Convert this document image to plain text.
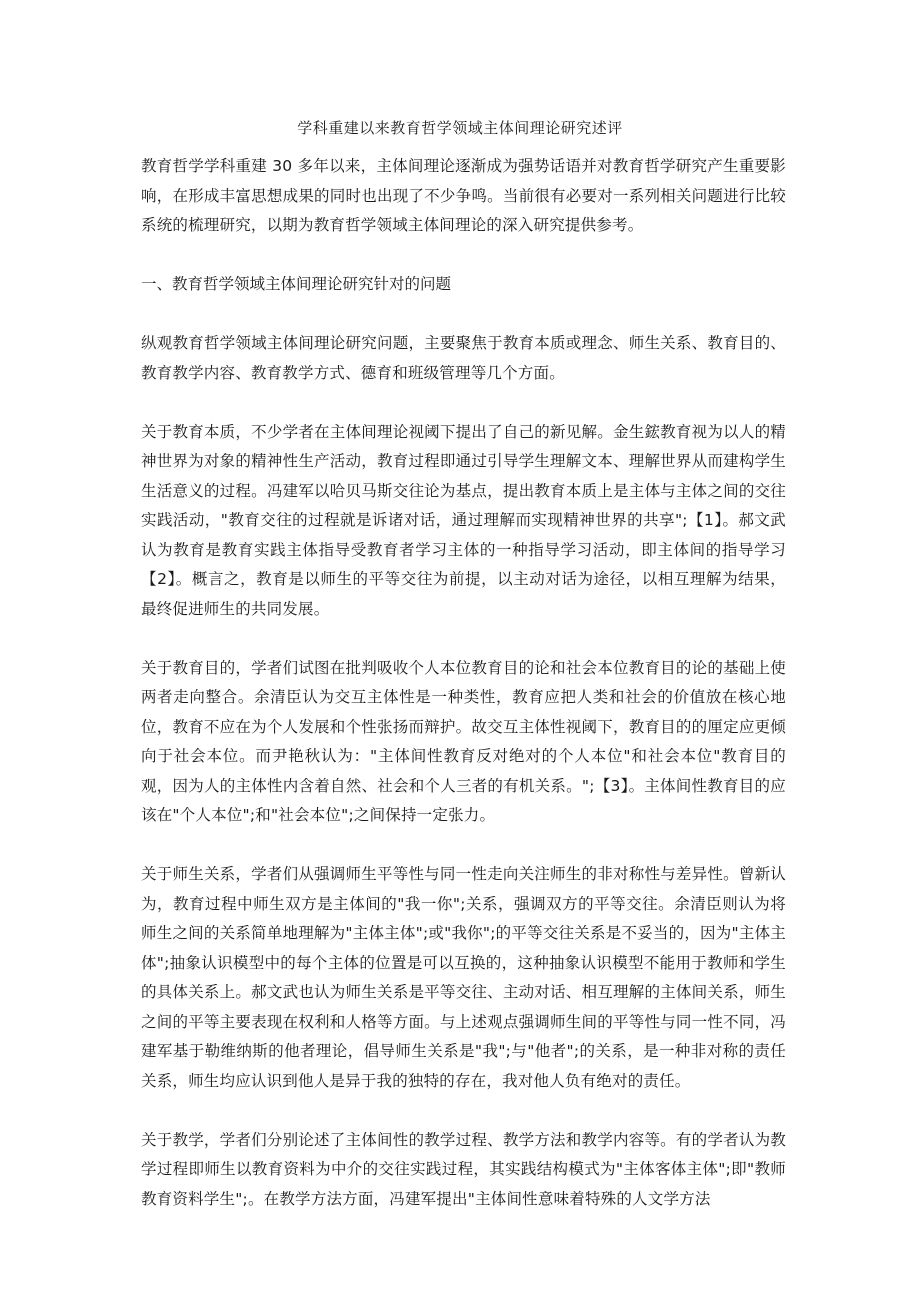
学科重建以来教育哲学领域主体间理论研究述评

教育哲学学科重建 30 多年以来，主体间理论逐渐成为强势话语并对教育哲学研究产生重要影响，在形成丰富思想成果的同时也出现了不少争鸣。当前很有必要对一系列相关问题进行比较系统的梳理研究，以期为教育哲学领域主体间理论的深入研究提供参考。

一、教育哲学领域主体间理论研究针对的问题

纵观教育哲学领域主体间理论研究问题，主要聚焦于教育本质或理念、师生关系、教育目的、教育教学内容、教育教学方式、德育和班级管理等几个方面。

关于教育本质，不少学者在主体间理论视阈下提出了自己的新见解。金生鋐教育视为以人的精神世界为对象的精神性生产活动，教育过程即通过引导学生理解文本、理解世界从而建构学生生活意义的过程。冯建军以哈贝马斯交往论为基点，提出教育本质上是主体与主体之间的交往实践活动，"教育交往的过程就是诉诸对话，通过理解而实现精神世界的共享";【1】。郝文武认为教育是教育实践主体指导受教育者学习主体的一种指导学习活动，即主体间的指导学习【2】。概言之，教育是以师生的平等交往为前提，以主动对话为途径，以相互理解为结果，最终促进师生的共同发展。

关于教育目的，学者们试图在批判吸收个人本位教育目的论和社会本位教育目的论的基础上使两者走向整合。余清臣认为交互主体性是一种类性，教育应把人类和社会的价值放在核心地位，教育不应在为个人发展和个性张扬而辩护。故交互主体性视阈下，教育目的的厘定应更倾向于社会本位。而尹艳秋认为："主体间性教育反对绝对的个人本位"和社会本位"教育目的观，因为人的主体性内含着自然、社会和个人三者的有机关系。";【3】。主体间性教育目的应该在"个人本位";和"社会本位";之间保持一定张力。

关于师生关系，学者们从强调师生平等性与同一性走向关注师生的非对称性与差异性。曾新认为，教育过程中师生双方是主体间的"我一你";关系，强调双方的平等交往。余清臣则认为将师生之间的关系简单地理解为"主体主体";或"我你";的平等交往关系是不妥当的，因为"主体主体";抽象认识模型中的每个主体的位置是可以互换的，这种抽象认识模型不能用于教师和学生的具体关系上。郝文武也认为师生关系是平等交往、主动对话、相互理解的主体间关系，师生之间的平等主要表现在权利和人格等方面。与上述观点强调师生间的平等性与同一性不同，冯建军基于勒维纳斯的他者理论，倡导师生关系是"我";与"他者";的关系，是一种非对称的责任关系，师生均应认识到他人是异于我的独特的存在，我对他人负有绝对的责任。

关于教学，学者们分别论述了主体间性的教学过程、教学方法和教学内容等。有的学者认为教学过程即师生以教育资料为中介的交往实践过程，其实践结构模式为"主体客体主体";即"教师教育资料学生";。在教学方法方面，冯建军提出"主体间性意味着特殊的人文学方法
